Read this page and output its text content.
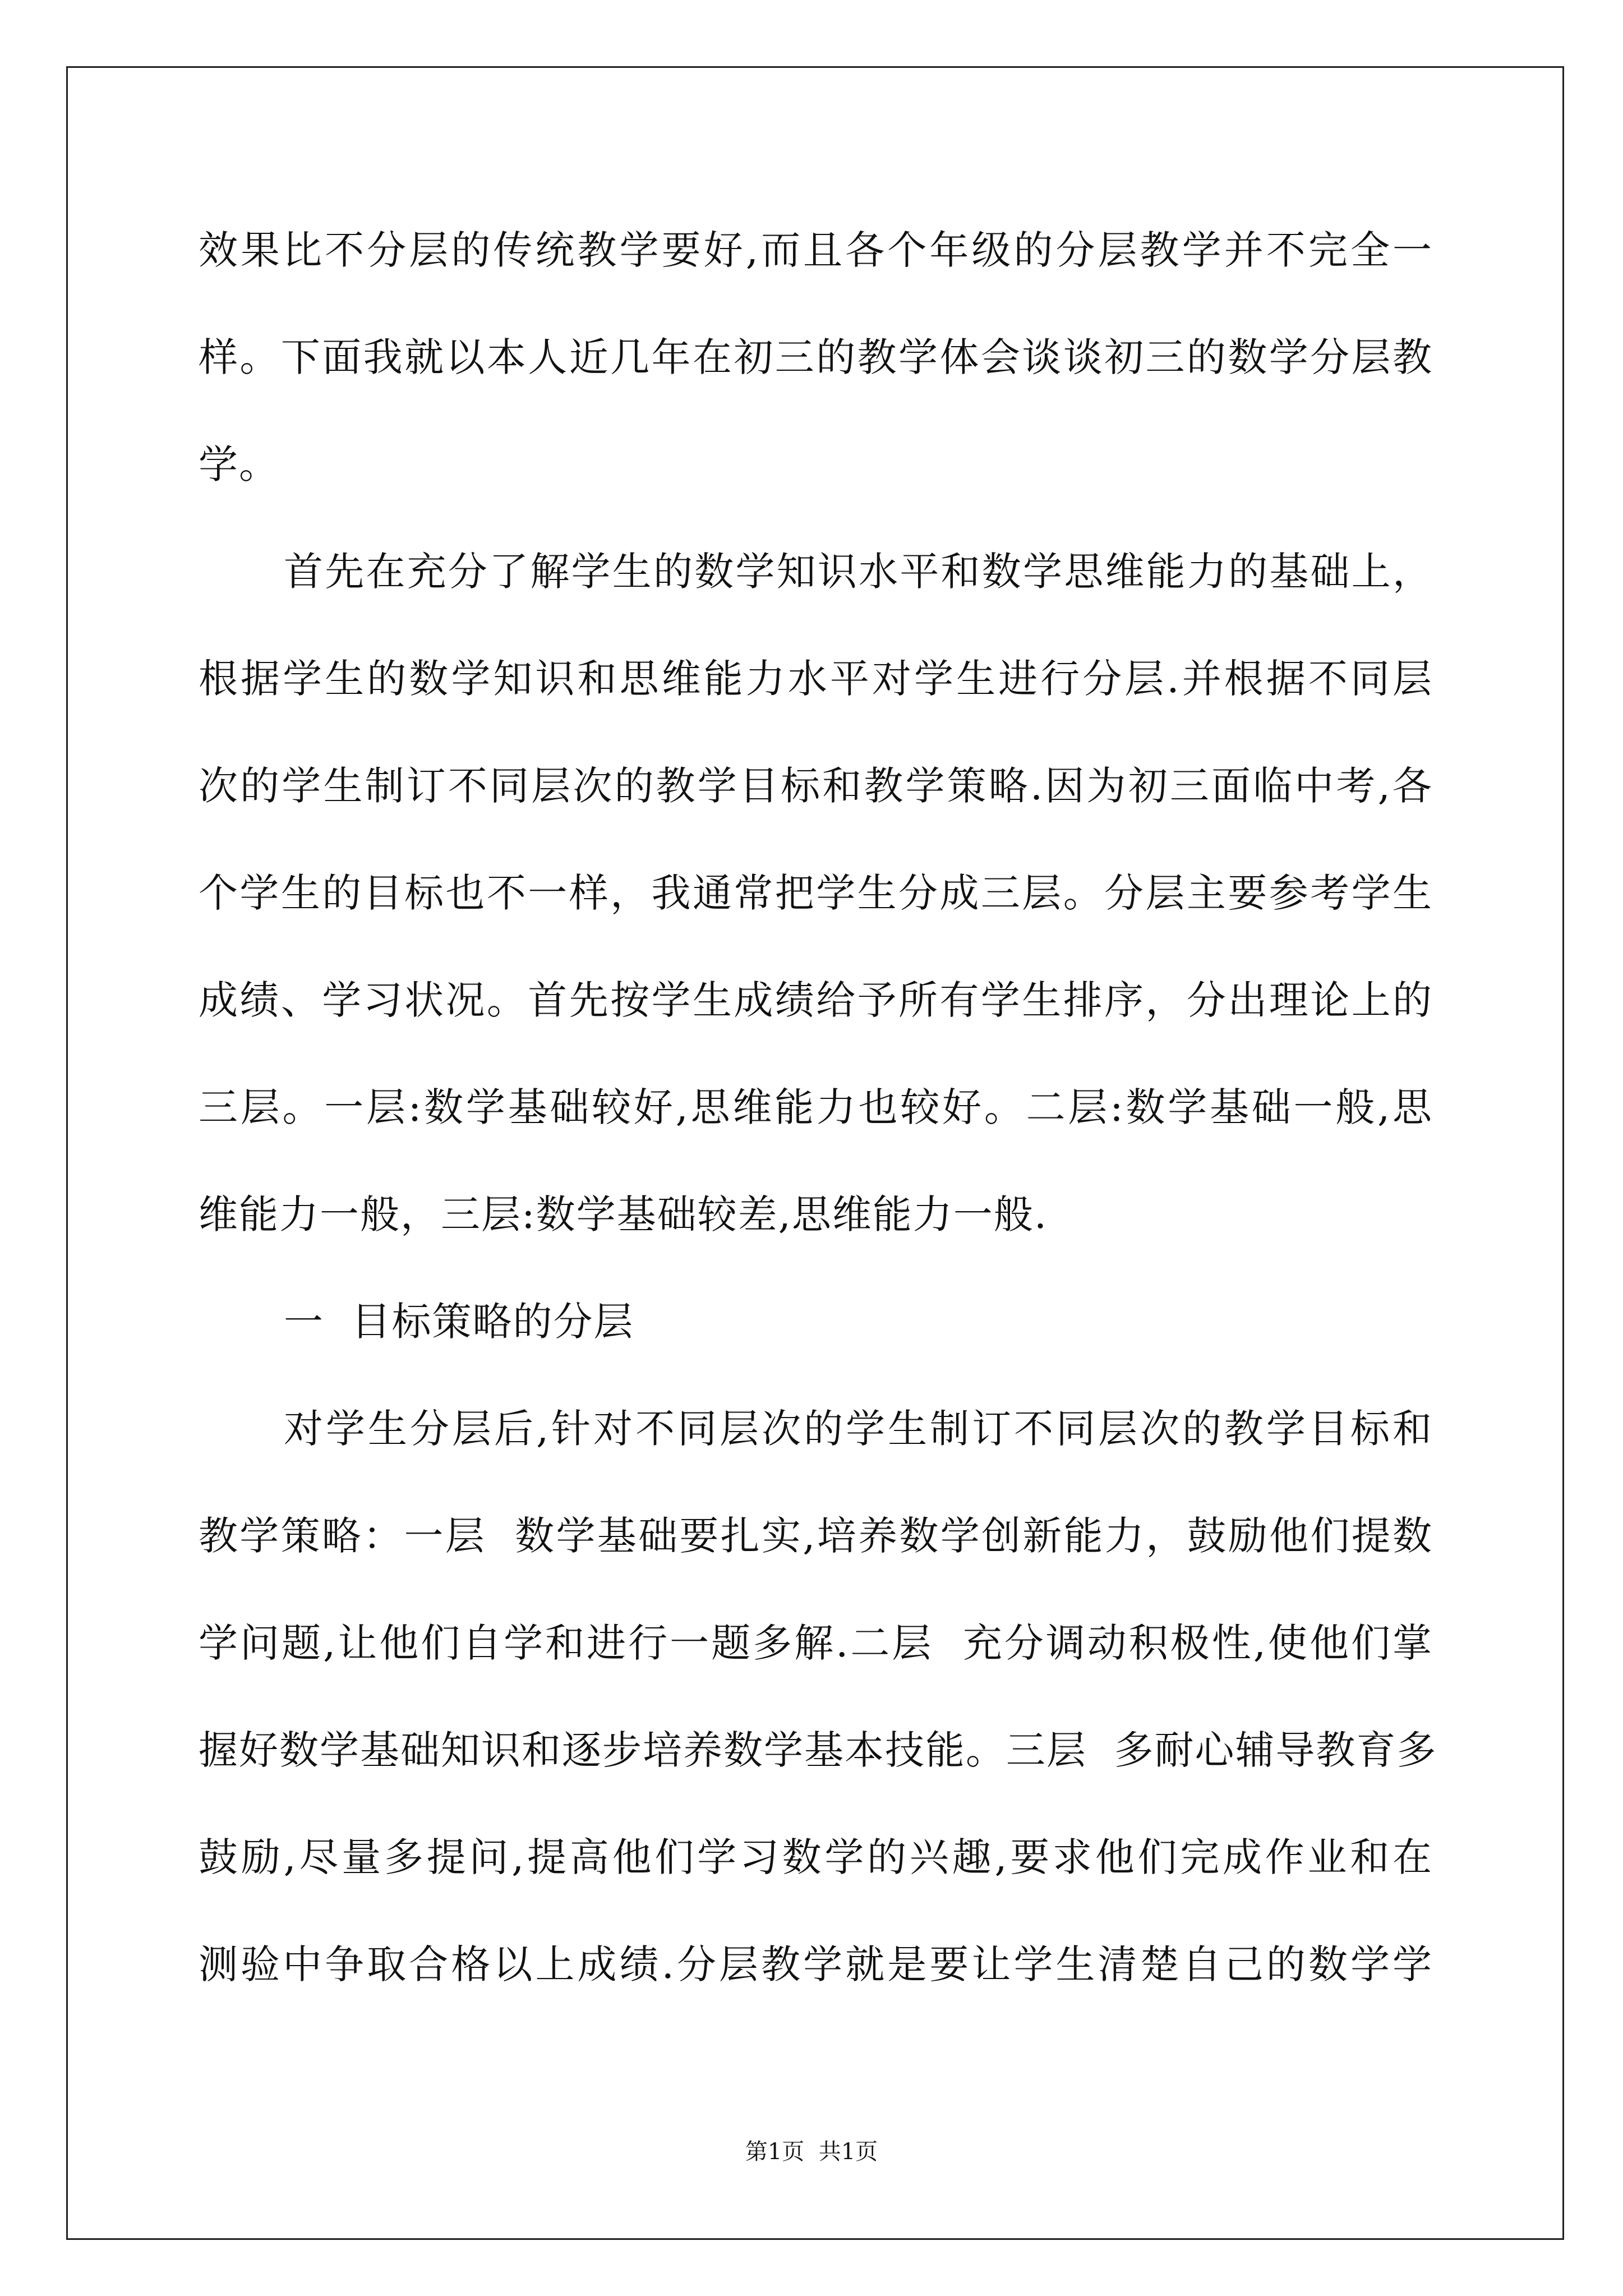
效果比不分层的传统教学要好,而且各个年级的分层教学并不完全一
样。下面我就以本人近几年在初三的教学体会谈谈初三的数学分层教
学。
首先在充分了解学生的数学知识水平和数学思维能力的基础上，
根据学生的数学知识和思维能力水平对学生进行分层.并根据不同层
次的学生制订不同层次的教学目标和教学策略.因为初三面临中考,各
个学生的目标也不一样，我通常把学生分成三层。分层主要参考学生
成绩、学习状况。首先按学生成绩给予所有学生排序，分出理论上的
三层。一层:数学基础较好,思维能力也较好。二层:数学基础一般,思
维能力一般，三层:数学基础较差,思维能力一般.
一  目标策略的分层
对学生分层后,针对不同层次的学生制订不同层次的教学目标和
教学策略：一层  数学基础要扎实,培养数学创新能力，鼓励他们提数
学问题,让他们自学和进行一题多解.二层  充分调动积极性,使他们掌
握好数学基础知识和逐步培养数学基本技能。三层  多耐心辅导教育多
鼓励,尽量多提问,提高他们学习数学的兴趣,要求他们完成作业和在
测验中争取合格以上成绩.分层教学就是要让学生清楚自己的数学学
第1页  共1页
